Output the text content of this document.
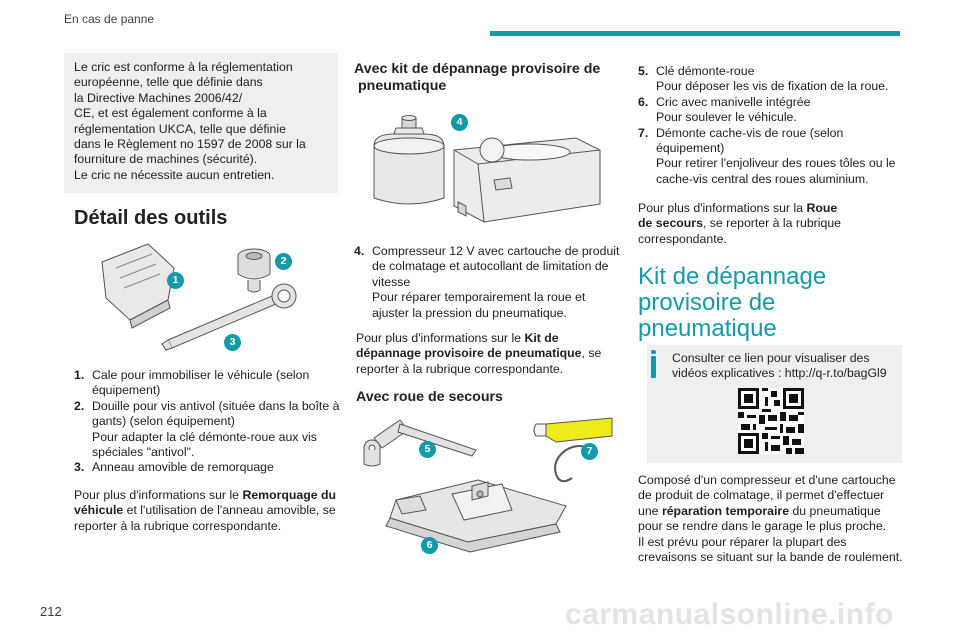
En cas de panne
Le cric est conforme à la réglementation
européenne, telle que définie dans
la Directive Machines 2006/42/
CE, et est également conforme à la
réglementation UKCA, telle que définie
dans le Règlement no 1597 de 2008 sur la
fourniture de machines (sécurité).
Le cric ne nécessite aucun entretien.
Détail des outils
1
2
3
1. Cale pour immobiliser le véhicule (selon
équipement)
2. Douille pour vis antivol (située dans la boîte à
gants) (selon équipement)
Pour adapter la clé démonte-roue aux vis
spéciales "antivol".
3. Anneau amovible de remorquage
Pour plus d'informations sur le Remorquage du
véhicule et l'utilisation de l'anneau amovible, se
reporter à la rubrique correspondante.
Avec kit de dépannage provisoire de
pneumatique
4
4. Compresseur 12 V avec cartouche de produit
de colmatage et autocollant de limitation de
vitesse
Pour réparer temporairement la roue et
ajuster la pression du pneumatique.
Pour plus d'informations sur le Kit de
dépannage provisoire de pneumatique, se
reporter à la rubrique correspondante.
Avec roue de secours
5
6
7
5. Clé démonte-roue
Pour déposer les vis de fixation de la roue.
6. Cric avec manivelle intégrée
Pour soulever le véhicule.
7. Démonte cache-vis de roue (selon
équipement)
Pour retirer l'enjoliveur des roues tôles ou le
cache-vis central des roues aluminium.
Pour plus d'informations sur la Roue
de secours, se reporter à la rubrique
correspondante.
Kit de dépannage
provisoire de
pneumatique
Consulter ce lien pour visualiser des
vidéos explicatives : http://q-r.to/bagGl9
Composé d'un compresseur et d'une cartouche
de produit de colmatage, il permet d'effectuer
une réparation temporaire du pneumatique
pour se rendre dans le garage le plus proche.
Il est prévu pour réparer la plupart des
crevaisons se situant sur la bande de roulement.
212	carmanualsonline.info
